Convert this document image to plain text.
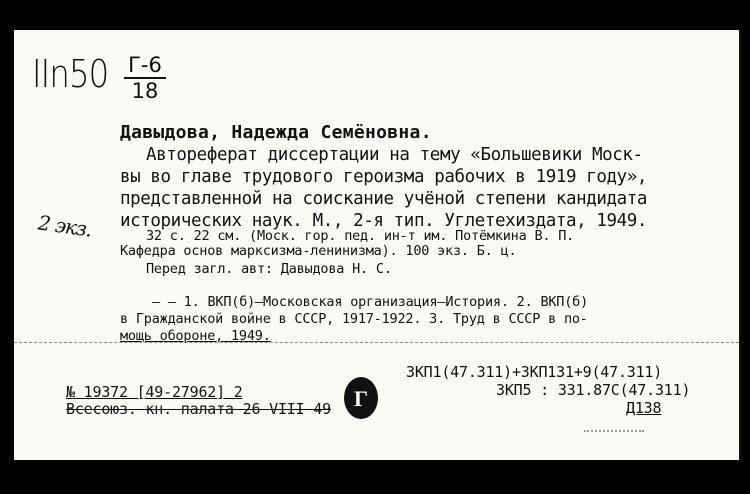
IIn50 Г-6
18
2 экз.
Давыдова, Надежда Семёновна.
Автореферат диссертации на тему «Большевики Моск-
вы во главе трудового героизма рабочих в 1919 году»,
представленной на соискание учёной степени кандидата
исторических наук. М., 2-я тип. Углетехиздата, 1949.
32 с. 22 см. (Моск. гор. пед. ин-т им. Потёмкина В. П.
Кафедра основ марксизма-ленинизма). 100 экз. Б. ц.
Перед загл. авт: Давыдова Н. С.
— — 1. ВКП(б)—Московская организация—История. 2. ВКП(б)
в Гражданской войне в СССР, 1917-1922. 3. Труд в СССР в по-
мощь обороне, 1949.
ЗКП1(47.311)+ЗКП131+9(47.311)
ЗКП5 : 331.87С(47.311)
Д138
№ 19372 [49-27962] 2
Всесоюз. кн. палата 26 VIII 49 Г
